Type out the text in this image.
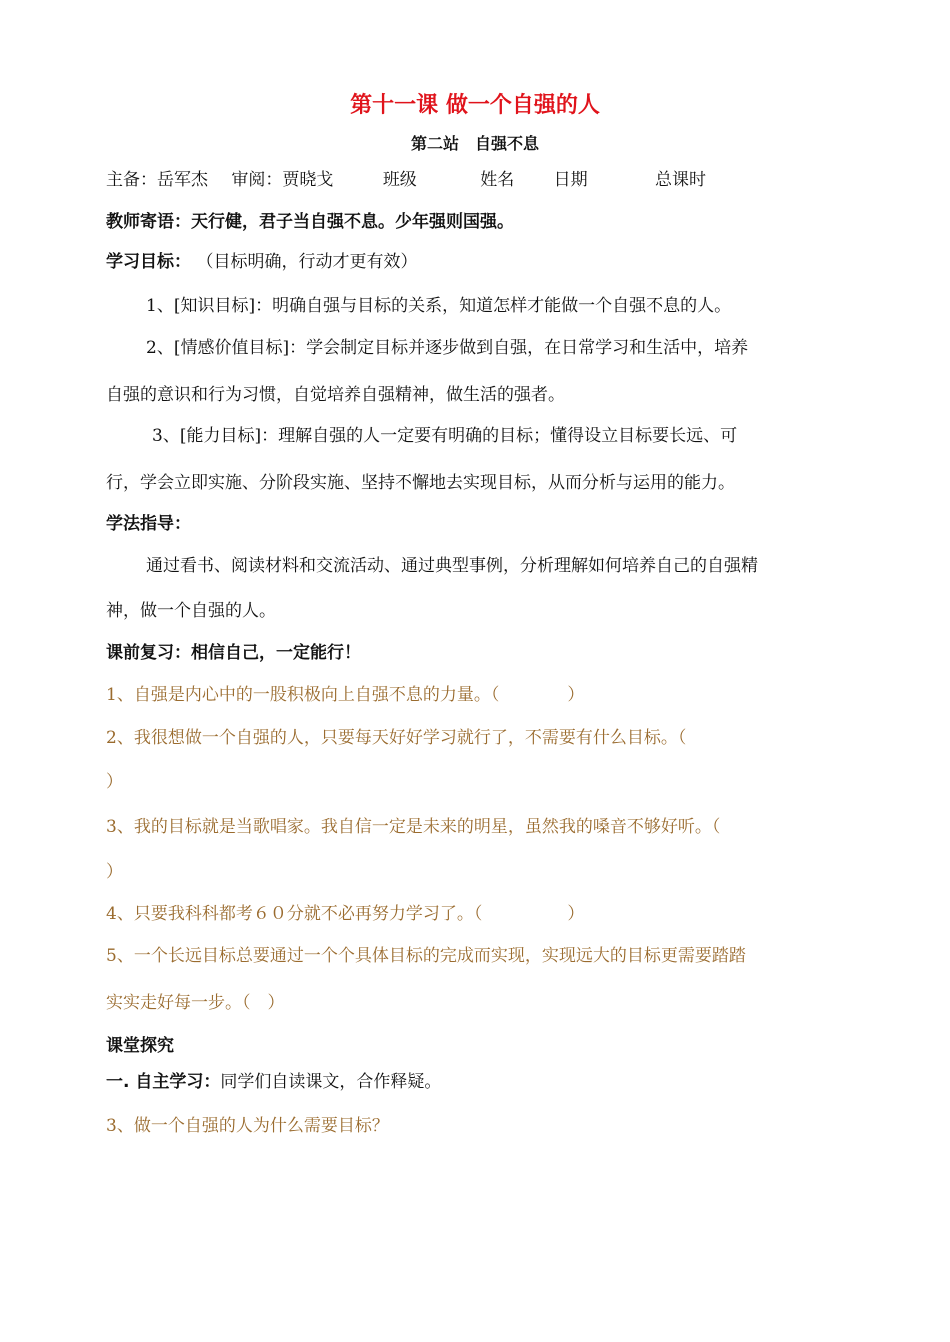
第十一课 做一个自强的人
第二站　自强不息
主备：岳军杰 审阅：贾晓戈	班级	姓名 日期	总课时
教师寄语：天行健，君子当自强不息。少年强则国强。
学习目标： （目标明确，行动才更有效）
1、[知识目标]：明确自强与目标的关系，知道怎样才能做一个自强不息的人。
2、[情感价值目标]：学会制定目标并逐步做到自强，在日常学习和生活中，培养
自强的意识和行为习惯，自觉培养自强精神，做生活的强者。
3、[能力目标]：理解自强的人一定要有明确的目标；懂得设立目标要长远、可
行，学会立即实施、分阶段实施、坚持不懈地去实现目标，从而分析与运用的能力。
学法指导：
通过看书、阅读材料和交流活动、通过典型事例，分析理解如何培养自己的自强精
神，做一个自强的人。
课前复习：相信自己，一定能行！
1、自强是内心中的一股积极向上自强不息的力量。（　　　　）
2、我很想做一个自强的人，只要每天好好学习就行了，不需要有什么目标。（
）
3、我的目标就是当歌唱家。我自信一定是未来的明星，虽然我的嗓音不够好听。（
）
4、只要我科科都考６０分就不必再努力学习了。（　　　　　）
5、一个长远目标总要通过一个个具体目标的完成而实现，实现远大的目标更需要踏踏
实实走好每一步。（　）
课堂探究
一. 自主学习：同学们自读课文，合作释疑。
3、做一个自强的人为什么需要目标？
